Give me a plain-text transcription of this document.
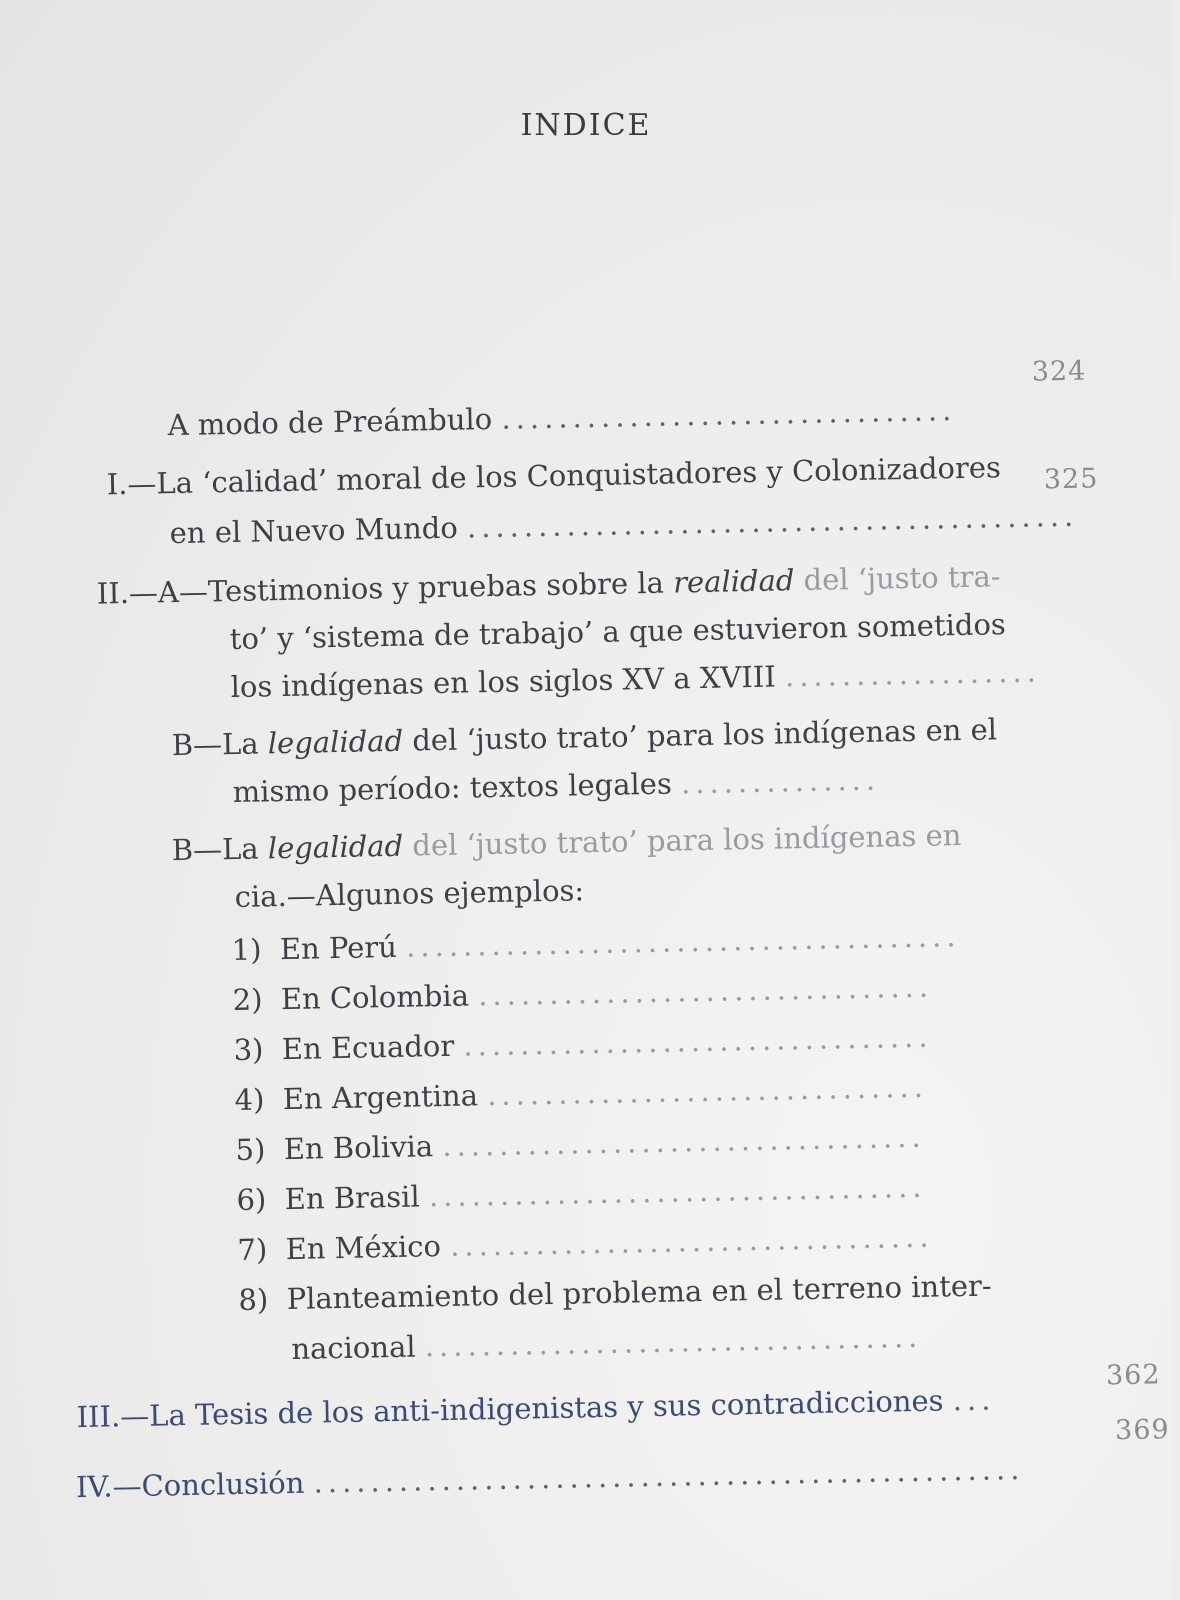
INDICE
A modo de Preámbulo ................................
324
I.—La ‘calidad’ moral de los Conquistadores y Colonizadores
en el Nuevo Mundo ...........................................
325
II.—A—Testimonios y pruebas sobre la realidad del ‘justo tra-
to’ y ‘sistema de trabajo’ a que estuvieron sometidos
los indígenas en los siglos XV a XVIII ..................
B—La legalidad del ‘justo trato’ para los indígenas en el
mismo período: textos legales ..............
B—La legalidad del ‘justo trato’ para los indígenas en
cia.—Algunos ejemplos:
1) En Perú .......................................
2) En Colombia ................................
3) En Ecuador .................................
4) En Argentina ...............................
5) En Bolivia ..................................
6) En Brasil ...................................
7) En México ..................................
8) Planteamiento del problema en el terreno inter-
nacional ...................................
III.—La Tesis de los anti-indigenistas y sus contradicciones ...
362
IV.—Conclusión ..................................................
369
